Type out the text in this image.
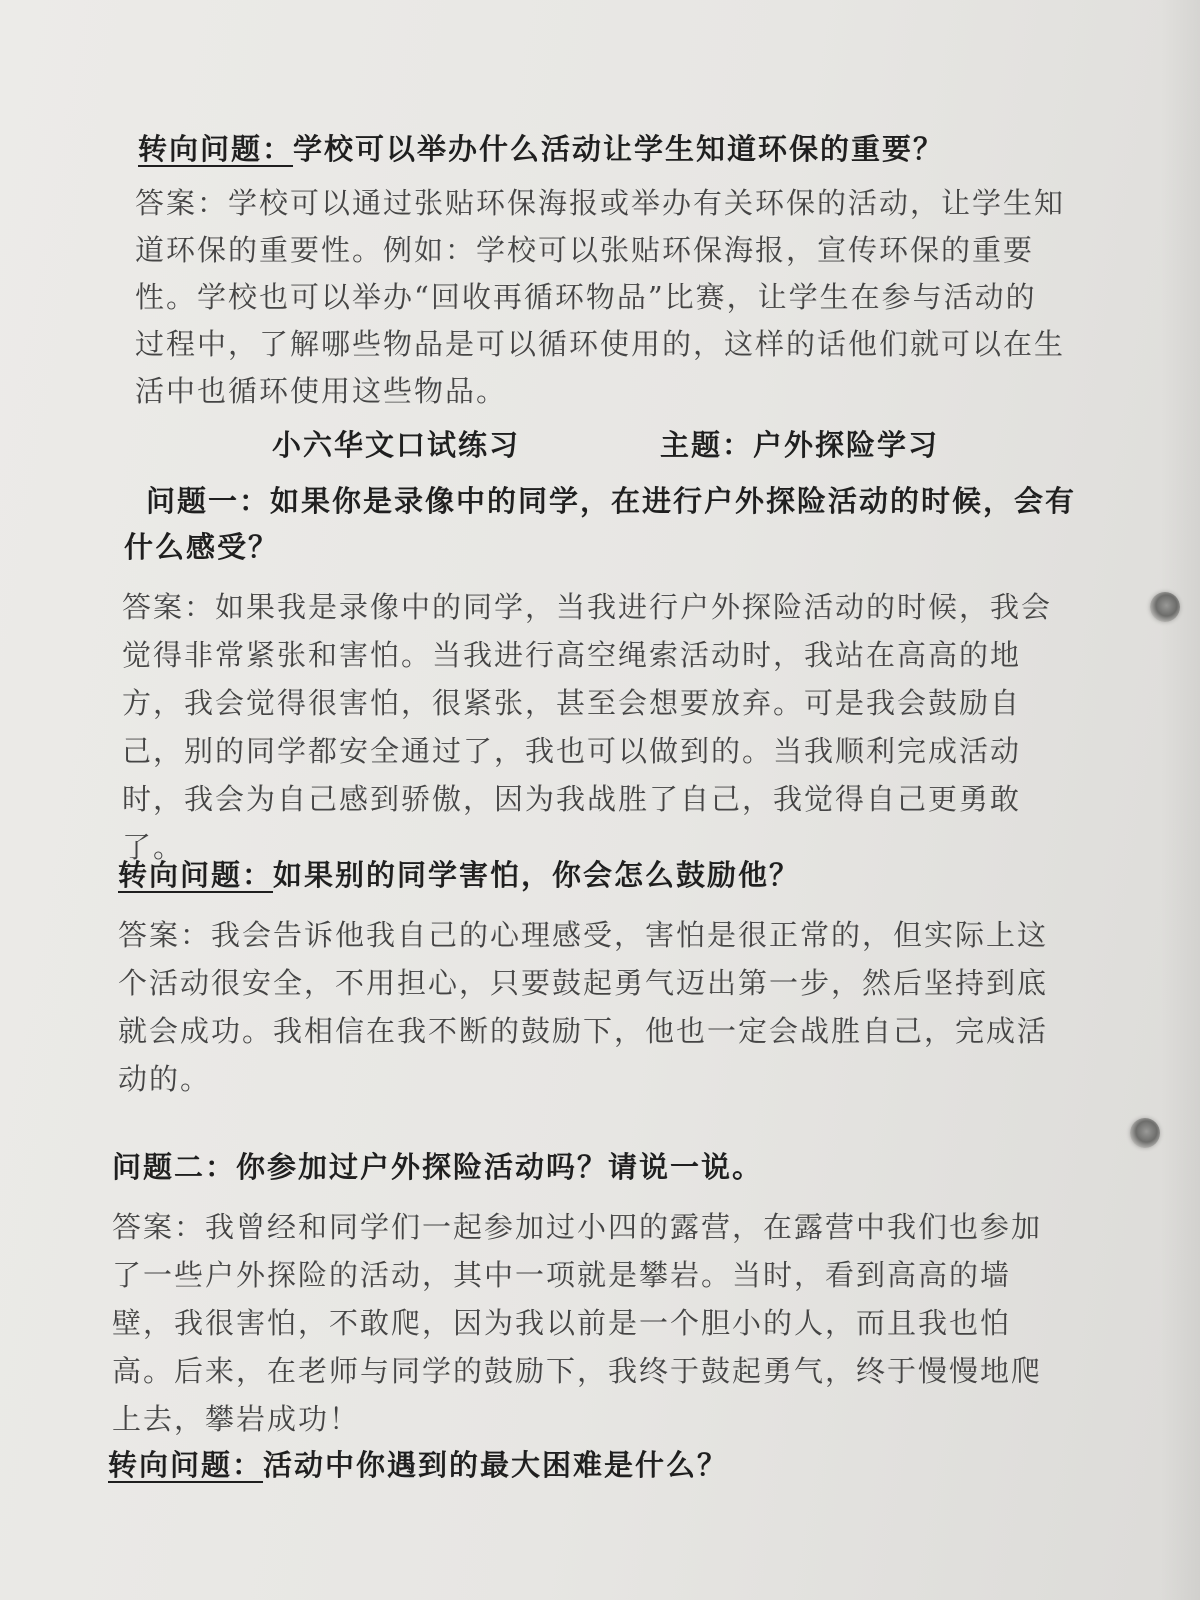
转向问题：学校可以举办什么活动让学生知道环保的重要？
答案：学校可以通过张贴环保海报或举办有关环保的活动，让学生知
道环保的重要性。例如：学校可以张贴环保海报，宣传环保的重要
性。学校也可以举办“回收再循环物品”比赛，让学生在参与活动的
过程中，了解哪些物品是可以循环使用的，这样的话他们就可以在生
活中也循环使用这些物品。
小六华文口试练习	主题：户外探险学习
问题一：如果你是录像中的同学，在进行户外探险活动的时候，会有
什么感受？
答案：如果我是录像中的同学，当我进行户外探险活动的时候，我会
觉得非常紧张和害怕。当我进行高空绳索活动时，我站在高高的地
方，我会觉得很害怕，很紧张，甚至会想要放弃。可是我会鼓励自
己，别的同学都安全通过了，我也可以做到的。当我顺利完成活动
时，我会为自己感到骄傲，因为我战胜了自己，我觉得自己更勇敢
了。
转向问题：如果别的同学害怕，你会怎么鼓励他？
答案：我会告诉他我自己的心理感受，害怕是很正常的，但实际上这
个活动很安全，不用担心，只要鼓起勇气迈出第一步，然后坚持到底
就会成功。我相信在我不断的鼓励下，他也一定会战胜自己，完成活
动的。
问题二：你参加过户外探险活动吗？请说一说。
答案：我曾经和同学们一起参加过小四的露营，在露营中我们也参加
了一些户外探险的活动，其中一项就是攀岩。当时，看到高高的墙
壁，我很害怕，不敢爬，因为我以前是一个胆小的人，而且我也怕
高。后来，在老师与同学的鼓励下，我终于鼓起勇气，终于慢慢地爬
上去，攀岩成功！
转向问题：活动中你遇到的最大困难是什么？
